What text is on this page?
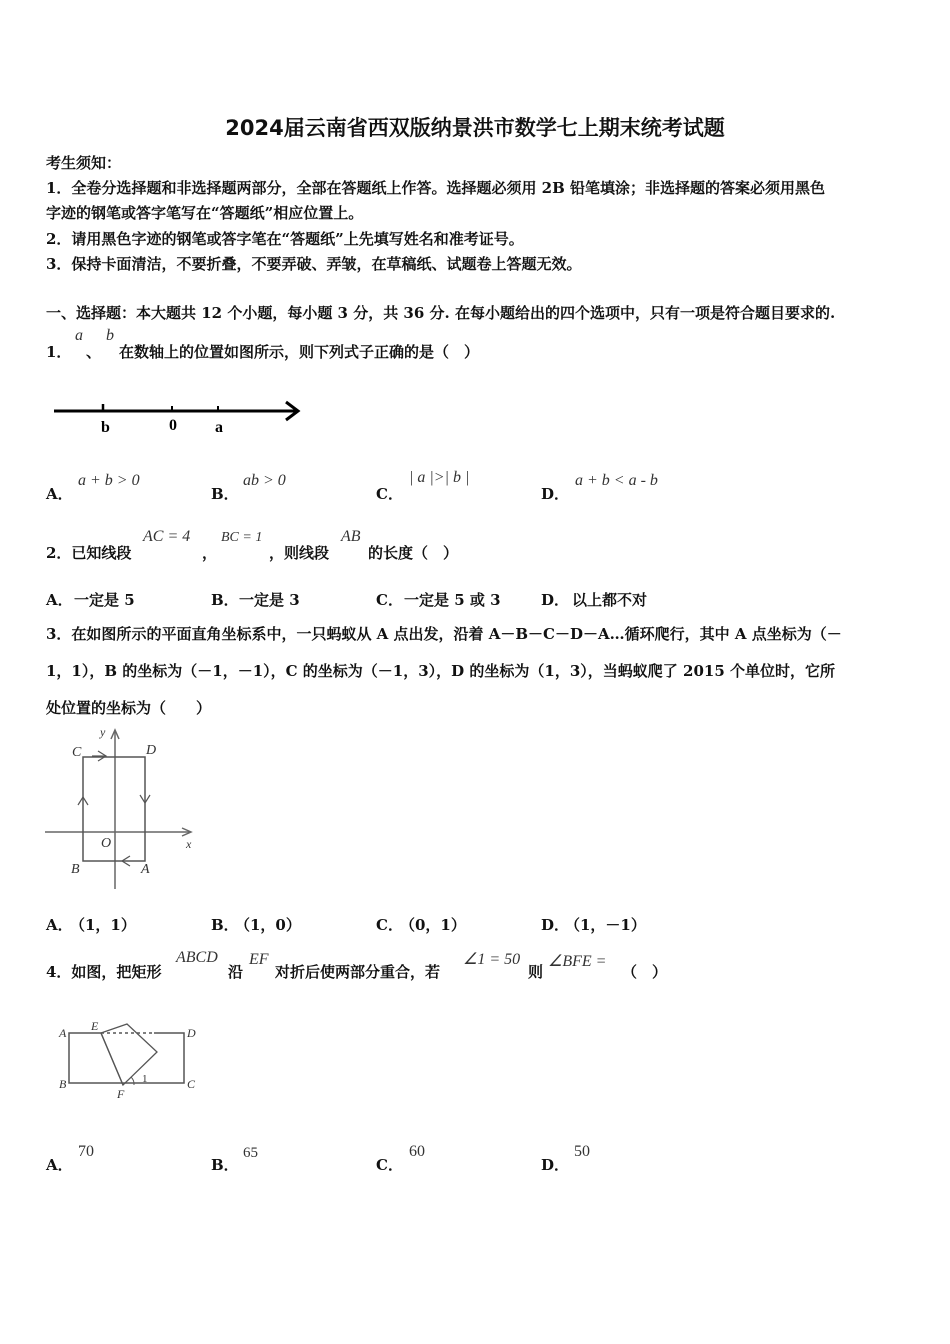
2024届云南省西双版纳景洪市数学七上期末统考试题
考生须知：
1．全卷分选择题和非选择题两部分，全部在答题纸上作答。选择题必须用 2B 铅笔填涂；非选择题的答案必须用黑色
字迹的钢笔或答字笔写在“答题纸”相应位置上。
2．请用黑色字迹的钢笔或答字笔在“答题纸”上先填写姓名和准考证号。
3．保持卡面清洁，不要折叠，不要弄破、弄皱，在草稿纸、试题卷上答题无效。
一、选择题：本大题共 12 个小题，每小题 3 分，共 36 分. 在每小题给出的四个选项中，只有一项是符合题目要求的.
1．
a
、
b
在数轴上的位置如图所示，则下列式子正确的是（　）
b	0 a
A．
a + b > 0
B．
ab > 0
C．
| a |>| b |
D．
a + b < a - b
2．已知线段
AC = 4
，
BC = 1
，则线段
AB
的长度（　）
A． 一定是 5	B． 一定是 3	C． 一定是 5 或 3	D． 以上都不对
3．在如图所示的平面直角坐标系中，一只蚂蚁从 A 点出发，沿着 A－B－C－D－A…循环爬行，其中 A 点坐标为（－
1，1），B 的坐标为（－1，－1），C 的坐标为（－1，3），D 的坐标为（1，3），当蚂蚁爬了 2015 个单位时，它所
处位置的坐标为（　　）
C	D
y
x
O
B	A
A．
（1，1）	B．
（1，0）	C．
（0，1）	D．
（1，－1）
4．如图，把矩形
ABCD
沿
EF
对折后使两部分重合，若
∠1 = 50
则
∠BFE =
（　）
A E	D
B
F
1	C
A．
70
B．
65
C．
60
D．
50
